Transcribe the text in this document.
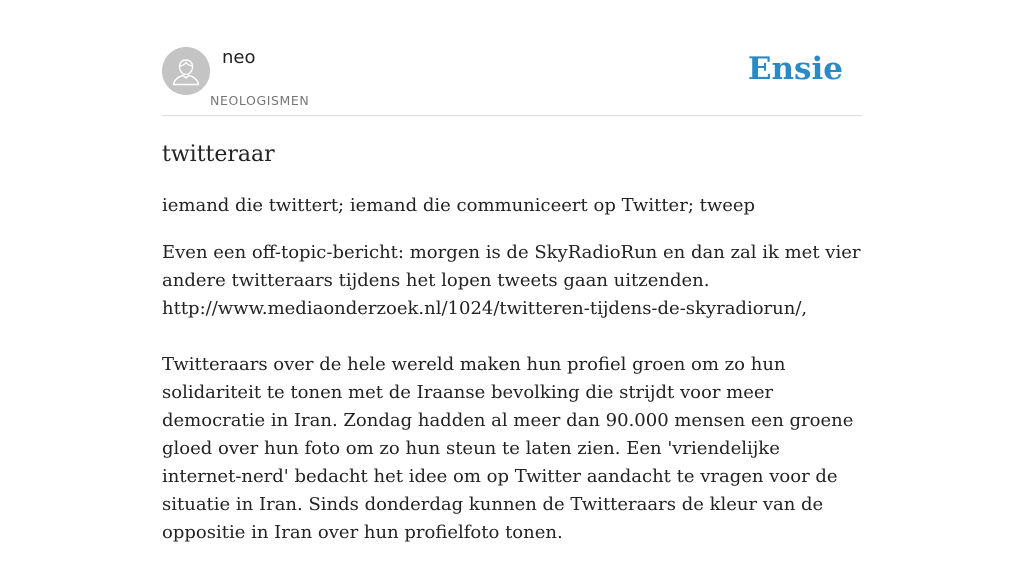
neo
NEOLOGISMEN
Ensie
twitteraar

iemand die twittert; iemand die communiceert op Twitter; tweep

Even een off-topic-bericht: morgen is de SkyRadioRun en dan zal ik met vier andere twitteraars tijdens het lopen tweets gaan uitzenden. http://www.mediaonderzoek.nl/1024/twitteren-tijdens-de-skyradiorun/,

Twitteraars over de hele wereld maken hun profiel groen om zo hun solidariteit te tonen met de Iraanse bevolking die strijdt voor meer democratie in Iran. Zondag hadden al meer dan 90.000 mensen een groene gloed over hun foto om zo hun steun te laten zien. Een 'vriendelijke internet-nerd' bedacht het idee om op Twitter aandacht te vragen voor de situatie in Iran. Sinds donderdag kunnen de Twitteraars de kleur van de oppositie in Iran over hun profielfoto tonen.
